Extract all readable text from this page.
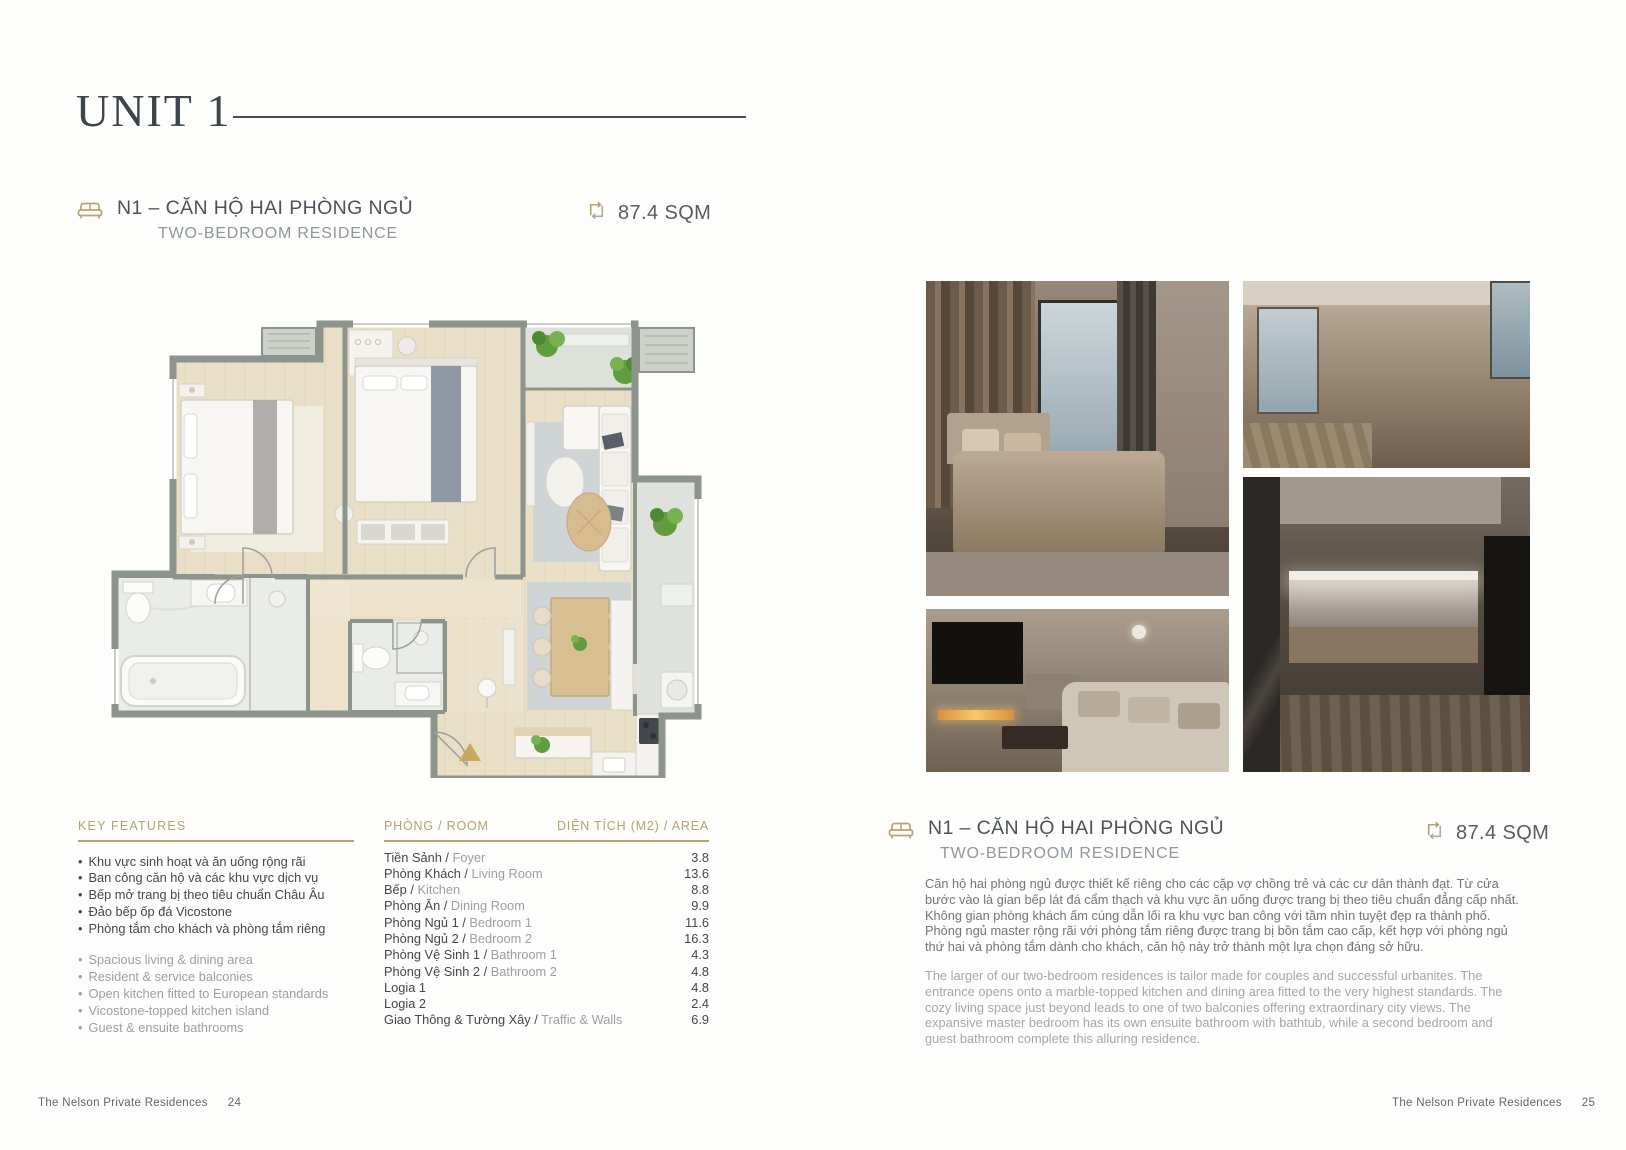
UNIT 1
N1 – CĂN HỘ HAI PHÒNG NGỦ
TWO-BEDROOM RESIDENCE
87.4 SQM
KEY FEATURES
• Khu vực sinh hoạt và ăn uống rộng rãi
• Ban công căn hộ và các khu vực dịch vụ
• Bếp mở trang bị theo tiêu chuẩn Châu Âu
• Đảo bếp ốp đá Vicostone
• Phòng tắm cho khách và phòng tắm riêng
• Spacious living & dining area
• Resident & service balconies
• Open kitchen fitted to European standards
• Vicostone-topped kitchen island
• Guest & ensuite bathrooms
PHÒNG / ROOM	DIỆN TÍCH (M2) / AREA
Tiền Sảnh / Foyer	3.8
Phòng Khách / Living Room	13.6
Bếp / Kitchen	8.8
Phòng Ăn / Dining Room	9.9
Phòng Ngủ 1 / Bedroom 1	11.6
Phòng Ngủ 2 / Bedroom 2	16.3
Phòng Vệ Sinh 1 / Bathroom 1	4.3
Phòng Vệ Sinh 2 / Bathroom 2	4.8
Logia 1	4.8
Logia 2	2.4
Giao Thông & Tường Xây / Traffic & Walls	6.9
N1 – CĂN HỘ HAI PHÒNG NGỦ
TWO-BEDROOM RESIDENCE
87.4 SQM

Căn hộ hai phòng ngủ được thiết kế riêng cho các cặp vợ chồng trẻ và các cư dân thành đạt. Từ cửa bước vào là gian bếp lát đá cẩm thạch và khu vực ăn uống được trang bị theo tiêu chuẩn đẳng cấp nhất. Không gian phòng khách ấm cúng dẫn lối ra khu vực ban công với tầm nhìn tuyệt đẹp ra thành phố. Phòng ngủ master rộng rãi với phòng tắm riêng được trang bị bồn tắm cao cấp, kết hợp với phòng ngủ thứ hai và phòng tắm dành cho khách, căn hộ này trở thành một lựa chọn đáng sở hữu.

The larger of our two-bedroom residences is tailor made for couples and successful urbanites. The entrance opens onto a marble-topped kitchen and dining area fitted to the very highest standards. The cozy living space just beyond leads to one of two balconies offering extraordinary city views. The expansive master bedroom has its own ensuite bathroom with bathtub, while a second bedroom and guest bathroom complete this alluring residence.

The Nelson Private Residences 24	The Nelson Private Residences 25
